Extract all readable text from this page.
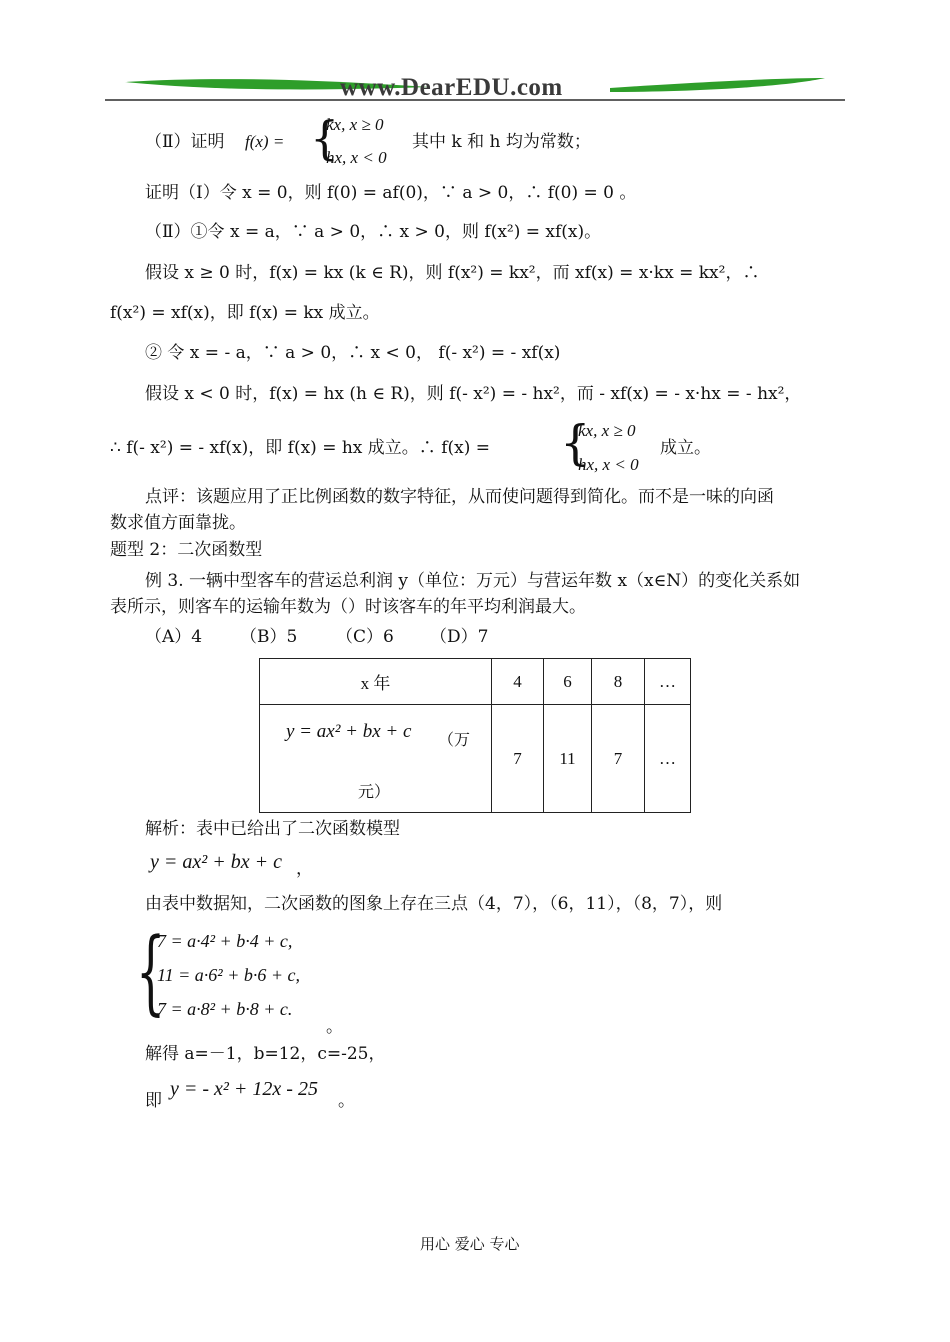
www.DearEDU.com
（Ⅱ）证明 f(x) = {
kx, x ≥ 0
hx, x < 0
其中 k 和 h 均为常数；
证明（Ⅰ）令 x = 0，则 f(0) = af(0)，∵ a > 0，∴ f(0) = 0 。
（Ⅱ）①令 x = a，∵ a > 0，∴ x > 0，则 f(x²) = xf(x)。
假设 x ≥ 0 时，f(x) = kx (k ∈ R)，则 f(x²) = kx²，而 xf(x) = x·kx = kx²，∴
f(x²) = xf(x)，即 f(x) = kx 成立。
② 令 x = - a，∵ a > 0，∴ x < 0， f(- x²) = - xf(x)
假设 x < 0 时，f(x) = hx (h ∈ R)，则 f(- x²) = - hx²，而 - xf(x) = - x·hx = - hx²，
∴ f(- x²) = - xf(x)，即 f(x) = hx 成立。∴ f(x) = {
kx, x ≥ 0
hx, x < 0
成立。
点评：该题应用了正比例函数的数字特征，从而使问题得到简化。而不是一味的向函
数求值方面靠拢。
题型 2：二次函数型
例 3. 一辆中型客车的营运总利润 y（单位：万元）与营运年数 x（x∈N）的变化关系如
表所示，则客车的运输年数为（）时该客车的年平均利润最大。
（A）4 （B）5 （C）6 （D）7
x 年	4	6	8	…

y = ax² + bx + c （万
元）	7	11	7	…
解析：表中已给出了二次函数模型
y = ax² + bx + c ，
由表中数据知，二次函数的图象上存在三点（4，7），（6，11），（8，7），则
{
7 = a·4² + b·4 + c,
11 = a·6² + b·6 + c,
7 = a·8² + b·8 + c.
。
解得 a=－1，b=12，c=-25，
即
y = - x² + 12x - 25
。
用心 爱心 专心
